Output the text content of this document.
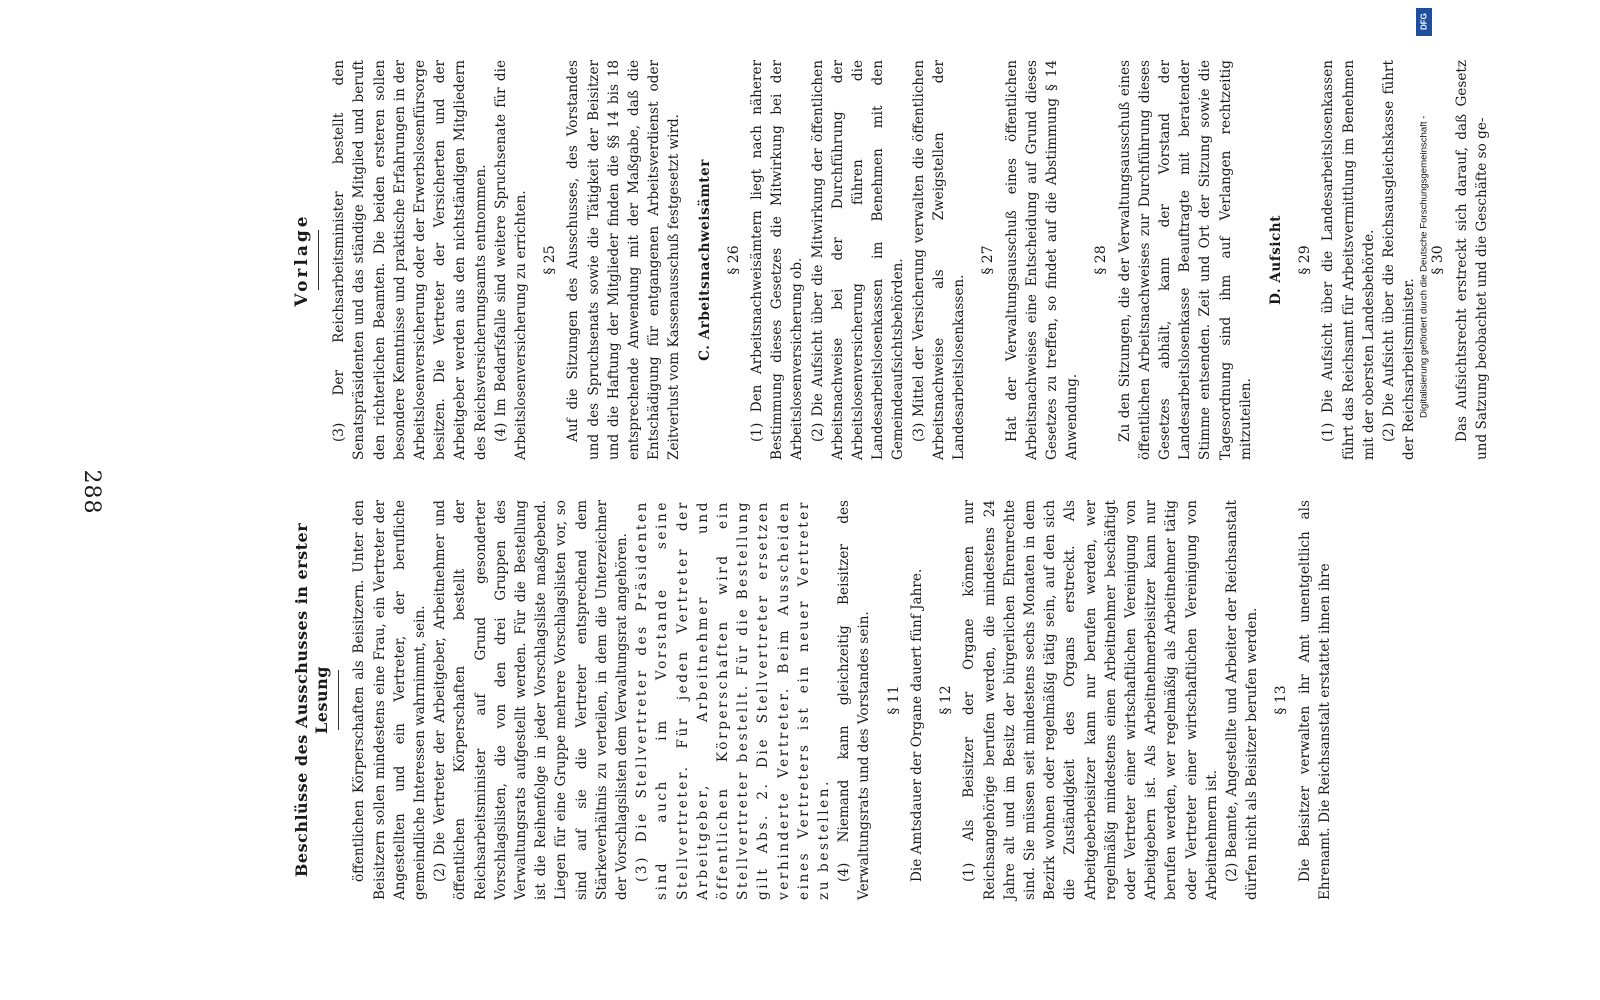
288
Vorlage (3) Der Reichsarbeitsminister bestellt den Senatspräsidenten und das ständige Mitglied und beruft den richterlichen Beamten. Die beiden ersteren sollen besondere Kenntnisse und praktische Erfahrungen in der Arbeitslosenversicherung oder der Erwerbslosenfürsorge besitzen. Die Vertreter der Versicherten und der Arbeitgeber werden aus den nichtständigen Mitgliedern des Reichsversicherungsamts entnommen. (4) Im Bedarfsfalle sind weitere Spruchsenate für die Arbeitslosenversicherung zu errichten. § 25 Auf die Sitzungen des Ausschusses, des Vorstandes und des Spruchsenats sowie die Tätigkeit der Beisitzer und die Haftung der Mitglieder finden die §§ 14 bis 18 entsprechende Anwendung mit der Maßgabe, daß die Entschädigung für entgangenen Arbeitsverdienst oder Zeitverlust vom Kassenausschuß festgesetzt wird. C. Arbeitsnachweisämter § 26 (1) Den Arbeitsnachweisämtern liegt nach näherer Bestimmung dieses Gesetzes die Mitwirkung bei der Arbeitslosenversicherung ob. (2) Die Aufsicht über die Mitwirkung der öffentlichen Arbeitsnachweise bei der Durchführung der Arbeitslosenversicherung führen die Landesarbeitslosenkassen im Benehmen mit den Gemeindeaufsichtsbehörden. (3) Mittel der Versicherung verwalten die öffentlichen Arbeitsnachweise als Zweigstellen der Landesarbeitslosenkassen.
§ 27 Hat der Verwaltungsausschuß eines öffentlichen Arbeitsnachweises eine Entscheidung auf Grund dieses Gesetzes zu treffen, so findet auf die Abstimmung § 14 Anwendung.
§ 28 Zu den Sitzungen, die der Verwaltungsausschuß eines öffentlichen Arbeitsnachweises zur Durchführung dieses Gesetzes abhält, kann der Vorstand der Landesarbeitslosenkasse Beauftragte mit beratender Stimme entsenden. Zeit und Ort der Sitzung sowie die Tagesordnung sind ihm auf Verlangen rechtzeitig mitzuteilen.
D. Aufsicht § 29 (1) Die Aufsicht über die Landesarbeitslosenkassen führt das Reichsamt für Arbeitsvermittlung im Benehmen mit der obersten Landesbehörde. (2) Die Aufsicht über die Reichsausgleichskasse führt der Reichsarbeitsminister.
§ 30 Das Aufsichtsrecht erstreckt sich darauf, daß Gesetz und Satzung beobachtet und die Geschäfte so ge-
Beschlüsse des Ausschusses in erster Lesung öffentlichen Körperschaften als Beisitzern. Unter den Beisitzern sollen mindestens eine Frau, ein Vertreter der Angestellten und ein Vertreter, der berufliche gemeindliche Interessen wahrnimmt, sein. (2) Die Vertreter der Arbeitgeber, Arbeitnehmer und öffentlichen Körperschaften bestellt der Reichsarbeitsminister auf Grund gesonderter Vorschlagslisten, die von den drei Gruppen des Verwaltungsrats aufgestellt werden. Für die Bestellung ist die Reihenfolge in jeder Vorschlagsliste maßgebend. Liegen für eine Gruppe mehrere Vorschlagslisten vor, so sind auf sie die Vertreter entsprechend dem Stärkeverhältnis zu verteilen, in dem die Unterzeichner der Vorschlagslisten dem Verwaltungsrat angehören. (3) Die Stellvertreter des Präsidenten sind auch im Vorstande seine Stellvertreter. Für jeden Vertreter der Arbeitgeber, Arbeitnehmer und öffentlichen Körperschaften wird ein Stellvertreter bestellt. Für die Bestellung gilt Abs. 2. Die Stellvertreter ersetzen verhinderte Vertreter. Beim Ausscheiden eines Vertreters ist ein neuer Vertreter zu bestellen. (4) Niemand kann gleichzeitig Beisitzer des Verwaltungsrats und des Vorstandes sein. § 11 Die Amtsdauer der Organe dauert fünf Jahre. § 12 (1) Als Beisitzer der Organe können nur Reichsangehörige berufen werden, die mindestens 24 Jahre alt und im Besitz der bürgerlichen Ehrenrechte sind. Sie müssen seit mindestens sechs Monaten in dem Bezirk wohnen oder regelmäßig tätig sein, auf den sich die Zuständigkeit des Organs erstreckt. Als Arbeitgeberbeisitzer kann nur berufen werden, wer regelmäßig mindestens einen Arbeitnehmer beschäftigt oder Vertreter einer wirtschaftlichen Vereinigung von Arbeitgebern ist. Als Arbeitnehmerbeisitzer kann nur berufen werden, wer regelmäßig als Arbeitnehmer tätig oder Vertreter einer wirtschaftlichen Vereinigung von Arbeitnehmern ist. (2) Beamte, Angestellte und Arbeiter der Reichsanstalt dürfen nicht als Beisitzer berufen werden. § 13 Die Beisitzer verwalten ihr Amt unentgeltlich als Ehrenamt. Die Reichsanstalt erstattet ihnen ihre
DFG
Digitalisierung gefördert durch die Deutsche Forschungsgemeinschaft -
